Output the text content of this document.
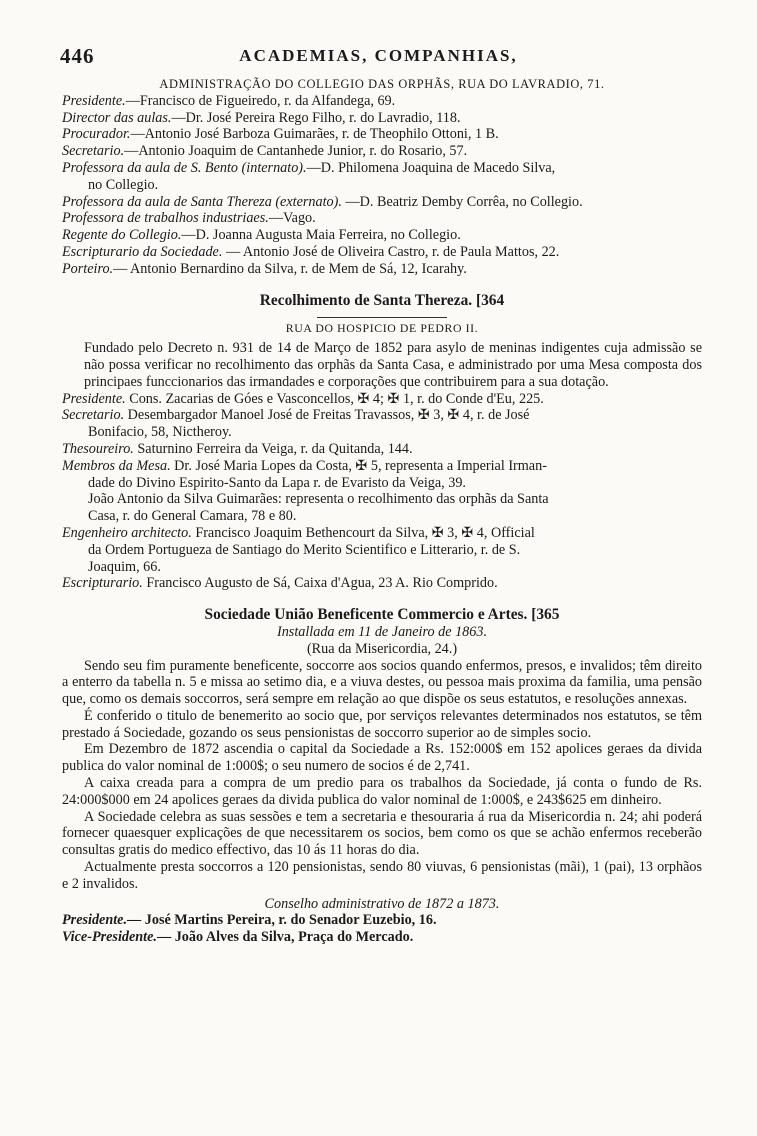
446	ACADEMIAS, COMPANHIAS,
ADMINISTRAÇÃO DO COLLEGIO DAS ORPHÃS, RUA DO LAVRADIO, 71.
Presidente.—Francisco de Figueiredo, r. da Alfandega, 69.
Director das aulas.—Dr. José Pereira Rego Filho, r. do Lavradio, 118.
Procurador.—Antonio José Barboza Guimarães, r. de Theophilo Ottoni, 1 B.
Secretario.—Antonio Joaquim de Cantanhede Junior, r. do Rosario, 57.
Professora da aula de S. Bento (internato).—D. Philomena Joaquina de Macedo Silva,
no Collegio.
Professora da aula de Santa Thereza (externato). —D. Beatriz Demby Corrêa, no Collegio.
Professora de trabalhos industriaes.—Vago.
Regente do Collegio.—D. Joanna Augusta Maia Ferreira, no Collegio.
Escripturario da Sociedade. — Antonio José de Oliveira Castro, r. de Paula Mattos, 22.
Porteiro.— Antonio Bernardino da Silva, r. de Mem de Sá, 12, Icarahy.
Recolhimento de Santa Thereza. [364
RUA DO HOSPICIO DE PEDRO II.
Fundado pelo Decreto n. 931 de 14 de Março de 1852 para asylo de meninas indigentes cuja admissão se não possa verificar no recolhimento das orphãs da Santa Casa, e administrado por uma Mesa composta dos principaes funccionarios das irmandades e corporações que contribuirem para a sua dotação.
Presidente. Cons. Zacarias de Góes e Vasconcellos, ✠ 4; ✠ 1, r. do Conde d'Eu, 225.
Secretario. Desembargador Manoel José de Freitas Travassos, ✠ 3, ✠ 4, r. de José
Bonifacio, 58, Nictheroy.
Thesoureiro. Saturnino Ferreira da Veiga, r. da Quitanda, 144.
Membros da Mesa. Dr. José Maria Lopes da Costa, ✠ 5, representa a Imperial Irman-
dade do Divino Espirito-Santo da Lapa r. de Evaristo da Veiga, 39.
João Antonio da Silva Guimarães: representa o recolhimento das orphãs da Santa
Casa, r. do General Camara, 78 e 80.
Engenheiro architecto. Francisco Joaquim Bethencourt da Silva, ✠ 3, ✠ 4, Official
da Ordem Portugueza de Santiago do Merito Scientifico e Litterario, r. de S.
Joaquim, 66.
Escripturario. Francisco Augusto de Sá, Caixa d'Agua, 23 A. Rio Comprido.
Sociedade União Beneficente Commercio e Artes. [365
Installada em 11 de Janeiro de 1863.
(Rua da Misericordia, 24.)
Sendo seu fim puramente beneficente, soccorre aos socios quando enfermos, presos, e invalidos; têm direito a enterro da tabella n. 5 e missa ao setimo dia, e a viuva destes, ou pessoa mais proxima da familia, uma pensão que, como os demais soccorros, será sempre em relação ao que dispõe os seus estatutos, e resoluções annexas.
É conferido o titulo de benemerito ao socio que, por serviços relevantes determinados nos estatutos, se têm prestado á Sociedade, gozando os seus pensionistas de soccorro superior ao de simples socio.
Em Dezembro de 1872 ascendia o capital da Sociedade a Rs. 152:000$ em 152 apolices geraes da divida publica do valor nominal de 1:000$; o seu numero de socios é de 2,741.
A caixa creada para a compra de um predio para os trabalhos da Sociedade, já conta o fundo de Rs. 24:000$000 em 24 apolices geraes da divida publica do valor nominal de 1:000$, e 243$625 em dinheiro.
A Sociedade celebra as suas sessões e tem a secretaria e thesouraria á rua da Misericordia n. 24; ahi poderá fornecer quaesquer explicações de que necessitarem os socios, bem como os que se achão enfermos receberão consultas gratis do medico effectivo, das 10 ás 11 horas do dia.
Actualmente presta soccorros a 120 pensionistas, sendo 80 viuvas, 6 pensionistas (mãi), 1 (pai), 13 orphãos e 2 invalidos.
Conselho administrativo de 1872 a 1873.
Presidente.— José Martins Pereira, r. do Senador Euzebio, 16.
Vice-Presidente.— João Alves da Silva, Praça do Mercado.
